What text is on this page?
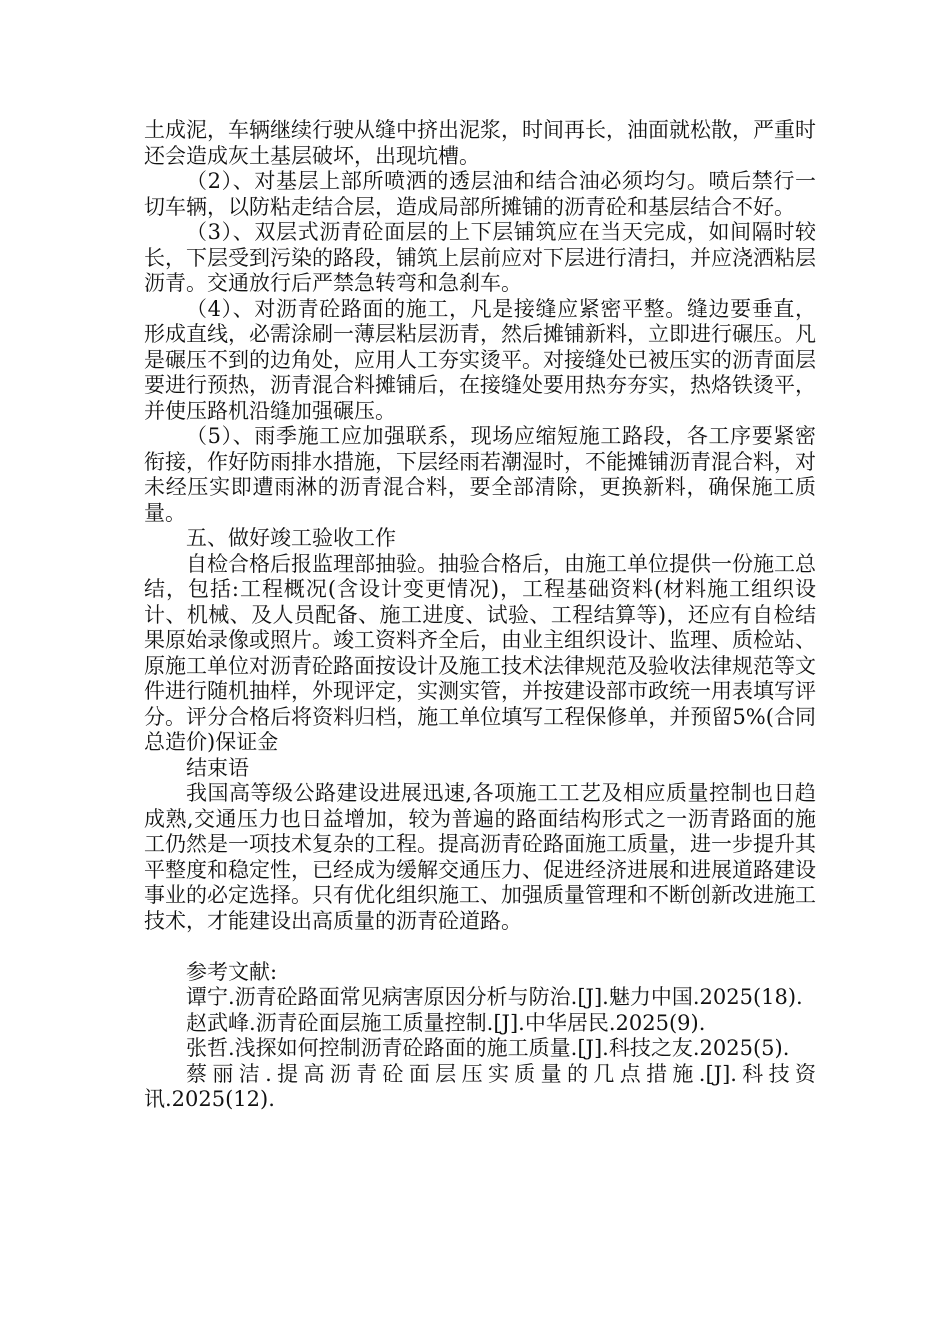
土成泥，车辆继续行驶从缝中挤出泥浆，时间再长，油面就松散，严重时还会造成灰土基层破坏，出现坑槽。

（2）、对基层上部所喷洒的透层油和结合油必须均匀。喷后禁行一切车辆，以防粘走结合层，造成局部所摊铺的沥青砼和基层结合不好。

（3）、双层式沥青砼面层的上下层铺筑应在当天完成，如间隔时较长，下层受到污染的路段，铺筑上层前应对下层进行清扫，并应浇洒粘层沥青。交通放行后严禁急转弯和急刹车。

（4）、对沥青砼路面的施工，凡是接缝应紧密平整。缝边要垂直，形成直线，必需涂刷一薄层粘层沥青，然后摊铺新料，立即进行碾压。凡是碾压不到的边角处，应用人工夯实烫平。对接缝处已被压实的沥青面层要进行预热，沥青混合料摊铺后，在接缝处要用热夯夯实，热烙铁烫平，并使压路机沿缝加强碾压。

（5）、雨季施工应加强联系，现场应缩短施工路段，各工序要紧密衔接，作好防雨排水措施，下层经雨若潮湿时，不能摊铺沥青混合料，对未经压实即遭雨淋的沥青混合料，要全部清除，更换新料，确保施工质量。

五、做好竣工验收工作

自检合格后报监理部抽验。抽验合格后，由施工单位提供一份施工总结，包括:工程概况(含设计变更情况)，工程基础资料(材料施工组织设计、机械、及人员配备、施工进度、试验、工程结算等)，还应有自检结果原始录像或照片。竣工资料齐全后，由业主组织设计、监理、质检站、原施工单位对沥青砼路面按设计及施工技术法律规范及验收法律规范等文件进行随机抽样，外现评定，实测实管，并按建设部市政统一用表填写评分。评分合格后将资料归档，施工单位填写工程保修单，并预留5%(合同总造价)保证金

结束语

我国高等级公路建设进展迅速,各项施工工艺及相应质量控制也日趋成熟,交通压力也日益增加，较为普遍的路面结构形式之一沥青路面的施工仍然是一项技术复杂的工程。提高沥青砼路面施工质量，进一步提升其平整度和稳定性，已经成为缓解交通压力、促进经济进展和进展道路建设事业的必定选择。只有优化组织施工、加强质量管理和不断创新改进施工技术，才能建设出高质量的沥青砼道路。

参考文献:

谭宁.沥青砼路面常见病害原因分析与防治.[J].魅力中国.2025(18).

赵武峰.沥青砼面层施工质量控制.[J].中华居民.2025(9).

张哲.浅探如何控制沥青砼路面的施工质量.[J].科技之友.2025(5).

蔡丽洁.提高沥青砼面层压实质量的几点措施.[J].科技资讯.2025(12).
